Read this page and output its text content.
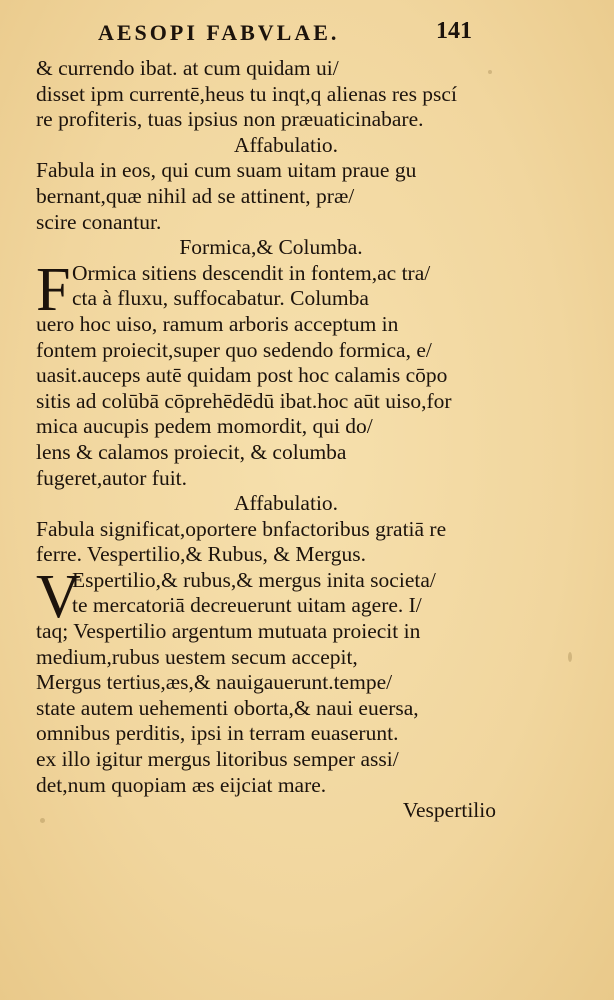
AESOPI FABVLAE.	141
& currendo ibat. at cum quidam ui/
disset ipm currentē,heus tu inqt,q alienas res pscí
re profiteris, tuas ipsius non præuaticinabare.
Affabulatio.
Fabula in eos, qui cum suam uitam praue gu
bernant,quæ nihil ad se attinent, præ/
scire conantur.
Formica,& Columba.
F Ormica sitiens descendit in fontem,ac tra/
cta à fluxu, suffocabatur. Columba
uero hoc uiso, ramum arboris acceptum in
fontem proiecit,super quo sedendo formica, e/
uasit.auceps autē quidam post hoc calamis cōpo
sitis ad colūbā cōprehēdēdū ibat.hoc aūt uiso,for
mica aucupis pedem momordit, qui do/
lens & calamos proiecit, & columba
fugeret,autor fuit.
Affabulatio.
Fabula significat,oportere bnfactoribus gratiā re
ferre. Vespertilio,& Rubus, & Mergus.
V
Espertilio,& rubus,& mergus inita societa/
te mercatoriā decreuerunt uitam agere. I/
taq; Vespertilio argentum mutuata proiecit in
medium,rubus uestem secum accepit,
Mergus tertius,æs,& nauigauerunt.tempe/
state autem uehementi oborta,& naui euersa,
omnibus perditis, ipsi in terram euaserunt.
ex illo igitur mergus litoribus semper assi/
det,num quopiam æs eijciat mare.
Vespertilio
